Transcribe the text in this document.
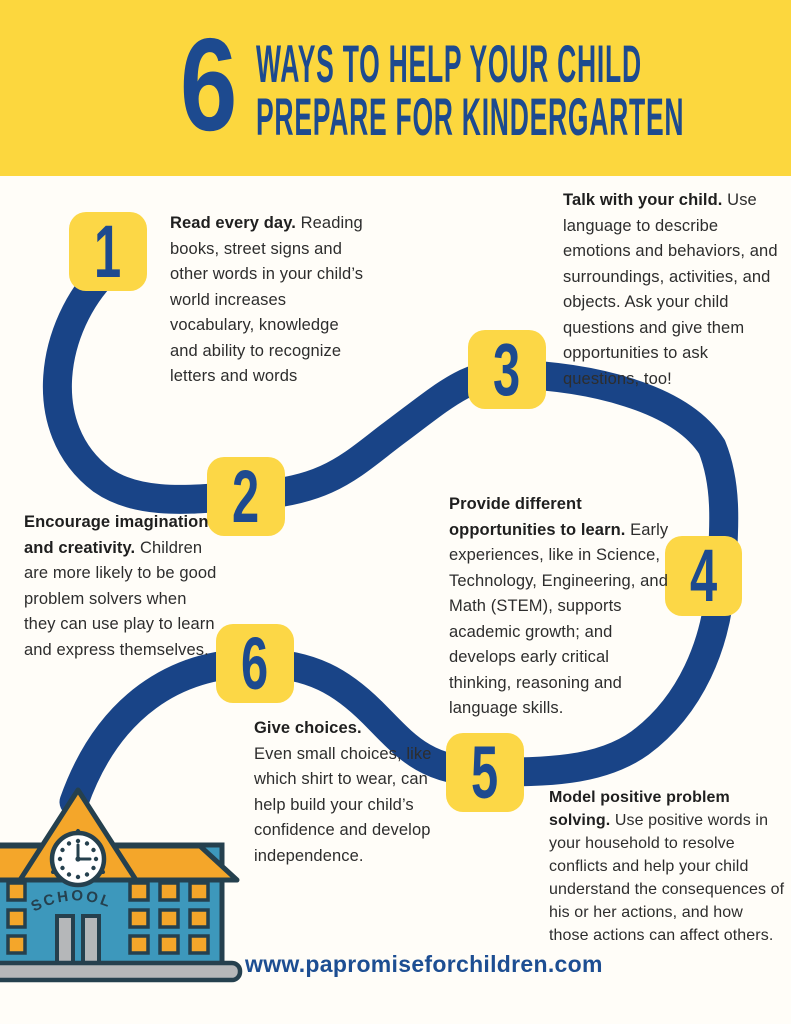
SCHOOL
6 WAYS TO HELP YOUR CHILD
PREPARE FOR KINDERGARTEN
1
2
3
4
5
6
Read every day. Reading books, street signs and other words in your child’s world increases vocabulary, knowledge and ability to recognize letters and words
Talk with your child. Use language to describe emotions and behaviors, and surroundings, activities, and objects. Ask your child questions and give them opportunities to ask questions, too!
Encourage imagination and creativity. Children are more likely to be good problem solvers when they can use play to learn and express themselves.
Provide different opportunities to learn. Early experiences, like in Science, Technology, Engineering, and Math (STEM), supports academic growth; and develops early critical thinking, reasoning and language skills.
Give choices.
Even small choices, like which shirt to wear, can help build your child’s confidence and develop independence.
Model positive problem solving. Use positive words in your household to resolve conflicts and help your child understand the consequences of his or her actions, and how those actions can affect others.
www.papromiseforchildren.com
